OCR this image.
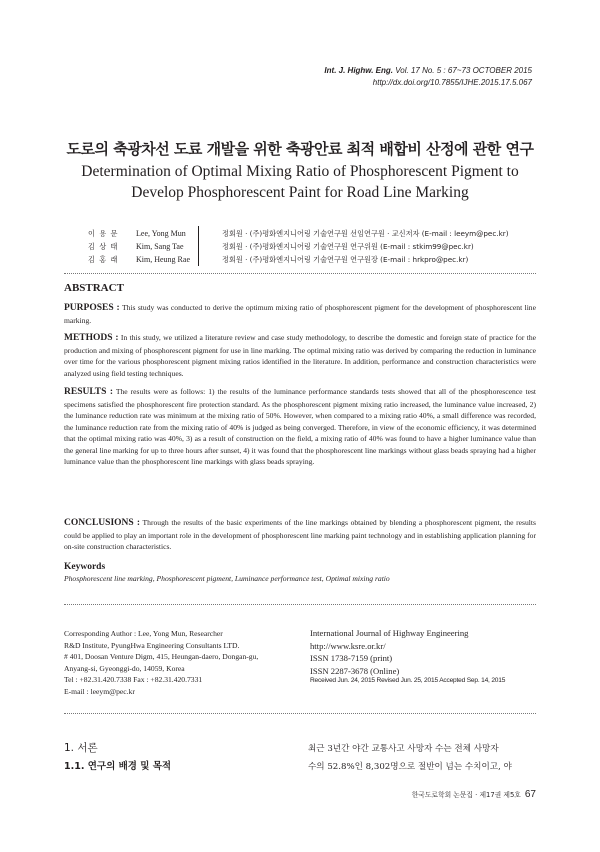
Int. J. Highw. Eng. Vol. 17 No. 5 : 67~73 OCTOBER 2015
http://dx.doi.org/10.7855/IJHE.2015.17.5.067
도로의 축광차선 도료 개발을 위한 축광안료 최적 배합비 산정에 관한 연구
Determination of Optimal Mixing Ratio of Phosphorescent Pigment to
Develop Phosphorescent Paint for Road Line Marking
이 용 문 Lee, Yong Mun	정회원 · (주)평화엔지니어링 기술연구원 선임연구원 · 교신저자 (E-mail : leeym@pec.kr)
김 상 태 Kim, Sang Tae	정회원 · (주)평화엔지니어링 기술연구원 연구위원 (E-mail : stkim99@pec.kr)
김 홍 래 Kim, Heung Rae	정회원 · (주)평화엔지니어링 기술연구원 연구원장 (E-mail : hrkpro@pec.kr)
ABSTRACT

PURPOSES : This study was conducted to derive the optimum mixing ratio of phosphorescent pigment for the development of phosphorescent line marking.

METHODS : In this study, we utilized a literature review and case study methodology, to describe the domestic and foreign state of practice for the production and mixing of phosphorescent pigment for use in line marking. The optimal mixing ratio was derived by comparing the reduction in luminance over time for the various phosphorescent pigment mixing ratios identified in the literature. In addition, performance and construction characteristics were analyzed using field testing techniques.

RESULTS : The results were as follows: 1) the results of the luminance performance standards tests showed that all of the phosphorescence test specimens satisfied the phosphorescent fire protection standard. As the phosphorescent pigment mixing ratio increased, the luminance value increased, 2) the luminance reduction rate was minimum at the mixing ratio of 50%. However, when compared to a mixing ratio 40%, a small difference was recorded, the luminance reduction rate from the mixing ratio of 40% is judged as being converged. Therefore, in view of the economic efficiency, it was determined that the optimal mixing ratio was 40%, 3) as a result of construction on the field, a mixing ratio of 40% was found to have a higher luminance value than the general line marking for up to three hours after sunset, 4) it was found that the phosphorescent line markings without glass beads spraying had a higher luminance value than the phosphorescent line markings with glass beads spraying.

CONCLUSIONS : Through the results of the basic experiments of the line markings obtained by blending a phosphorescent pigment, the results could be applied to play an important role in the development of phosphorescent line marking paint technology and in establishing application planning for on-site construction characteristics.

Keywords
Phosphorescent line marking, Phosphorescent pigment, Luminance performance test, Optimal mixing ratio
Corresponding Author : Lee, Yong Mun, Researcher
R&D Institute, PyungHwa Engineering Consultants LTD.
# 401, Doosan Venture Digm, 415, Heungan-daero, Dongan-gu,
Anyang-si, Gyeonggi-do, 14059, Korea
Tel : +82.31.420.7338 Fax : +82.31.420.7331
E-mail : leeym@pec.kr
International Journal of Highway Engineering
http://www.ksre.or.kr/
ISSN 1738-7159 (print)
ISSN 2287-3678 (Online)
Received Jun. 24, 2015 Revised Jun. 25, 2015 Accepted Sep. 14, 2015
1. 서론
1.1. 연구의 배경 및 목적
최근 3년간 야간 교통사고 사망자 수는 전체 사망자
수의 52.8%인 8,302명으로 절반이 넘는 수치이고, 야
한국도로학회 논문집 · 제17권 제5호 67
